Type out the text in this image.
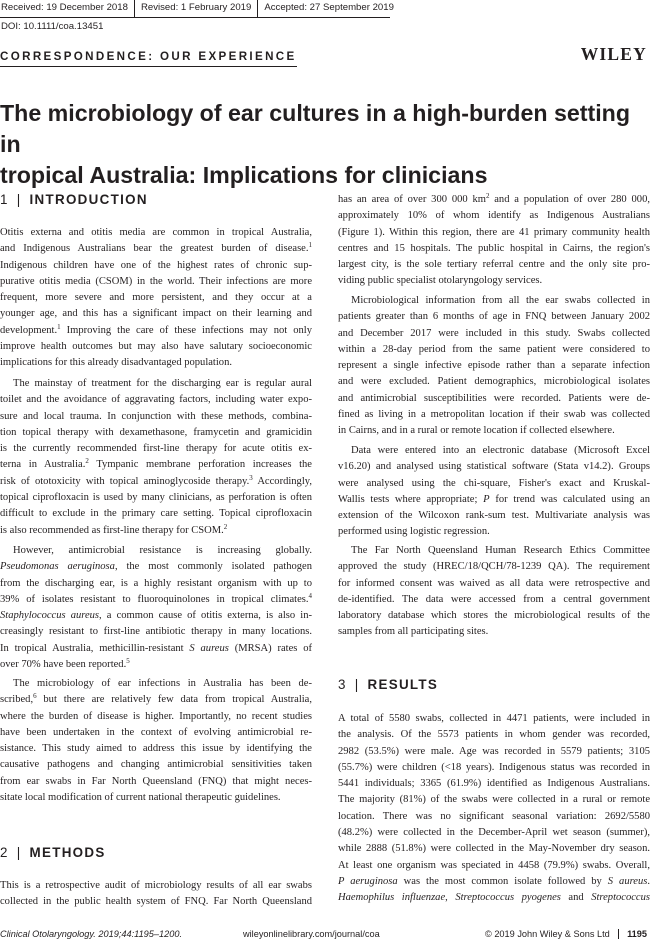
Received: 19 December 2018	Revised: 1 February 2019	Accepted: 27 September 2019
DOI: 10.1111/coa.13451
CORRESPONDENCE: OUR EXPERIENCE	WILEY
The microbiology of ear cultures in a high-burden setting in
tropical Australia: Implications for clinicians
1 | INTRODUCTION
2 | METHODS
3 | RESULTS

Otitis externa and otitis media are common in tropical Australia,
and Indigenous Australians bear the greatest burden of disease.$^1$
Indigenous children have one of the highest rates of chronic sup-
purative otitis media (CSOM) in the world. Their infections are more
frequent, more severe and more persistent, and they occur at a
younger age, and this has a significant impact on their learning and
development.$^1$ Improving the care of these infections may not only
improve health outcomes but may also have salutary socioeconomic
implications for this already disadvantaged population.

The mainstay of treatment for the discharging ear is regular aural
toilet and the avoidance of aggravating factors, including water expo-
sure and local trauma. In conjunction with these methods, combina-
tion topical therapy with dexamethasone, framycetin and gramicidin
is the currently recommended first-line therapy for acute otitis ex-
terna in Australia.$^2$ Tympanic membrane perforation increases the
risk of ototoxicity with topical aminoglycoside therapy.$^3$ Accordingly,
topical ciprofloxacin is used by many clinicians, as perforation is often
difficult to exclude in the primary care setting. Topical ciprofloxacin
is also recommended as first-line therapy for CSOM.$^2$

However, antimicrobial resistance is increasing globally.
Pseudomonas aeruginosa, the most commonly isolated pathogen
from the discharging ear, is a highly resistant organism with up to
39% of isolates resistant to fluoroquinolones in tropical climates.$^4$
Staphylococcus aureus, a common cause of otitis externa, is also in-
creasingly resistant to first-line antibiotic therapy in many locations.
In tropical Australia, methicillin-resistant S aureus (MRSA) rates of
over 70% have been reported.$^5$

The microbiology of ear infections in Australia has been de-
scribed,$^6$ but there are relatively few data from tropical Australia,
where the burden of disease is higher. Importantly, no recent studies
have been undertaken in the context of evolving antimicrobial re-
sistance. This study aimed to address this issue by identifying the
causative pathogens and changing antimicrobial sensitivities taken
from ear swabs in Far North Queensland (FNQ) that might neces-
sitate local modification of current national therapeutic guidelines.

This is a retrospective audit of microbiology results of all ear swabs
collected in the public health system of FNQ. Far North Queensland

has an area of over 300 000 $km^2$ and a population of over 280 000,
approximately 10% of whom identify as Indigenous Australians
(Figure 1). Within this region, there are 41 primary community health
centres and 15 hospitals. The public hospital in Cairns, the region's
largest city, is the sole tertiary referral centre and the only site pro-
viding public specialist otolaryngology services.

Microbiological information from all the ear swabs collected in
patients greater than 6 months of age in FNQ between January 2002
and December 2017 were included in this study. Swabs collected
within a 28-day period from the same patient were considered to
represent a single infective episode rather than a separate infection
and were excluded. Patient demographics, microbiological isolates
and antimicrobial susceptibilities were recorded. Patients were de-
fined as living in a metropolitan location if their swab was collected
in Cairns, and in a rural or remote location if collected elsewhere.

Data were entered into an electronic database (Microsoft Excel
v16.20) and analysed using statistical software (Stata v14.2). Groups
were analysed using the chi-square, Fisher's exact and Kruskal-
Wallis tests where appropriate; P for trend was calculated using an
extension of the Wilcoxon rank-sum test. Multivariate analysis was
performed using logistic regression.

The Far North Queensland Human Research Ethics Committee
approved the study (HREC/18/QCH/78-1239 QA). The requirement
for informed consent was waived as all data were retrospective and
de-identified. The data were accessed from a central government
laboratory database which stores the microbiological results of the
samples from all participating sites.

A total of 5580 swabs, collected in 4471 patients, were included in
the analysis. Of the 5573 patients in whom gender was recorded,
2982 (53.5%) were male. Age was recorded in 5579 patients; 3105
(55.7%) were children (<18 years). Indigenous status was recorded in
5441 individuals; 3365 (61.9%) identified as Indigenous Australians.
The majority (81%) of the swabs were collected in a rural or remote
location. There was no significant seasonal variation: 2692/5580
(48.2%) were collected in the December-April wet season (summer),
while 2888 (51.8%) were collected in the May-November dry season.
At least one organism was speciated in 4458 (79.9%) swabs. Overall,
P aeruginosa was the most common isolate followed by S aureus.
Haemophilus influenzae, Streptococcus pyogenes and Streptococcus

Clinical Otolaryngology. 2019;44:1195–1200.	wileyonlinelibrary.com/journal/coa	© 2019 John Wiley & Sons Ltd	1195
